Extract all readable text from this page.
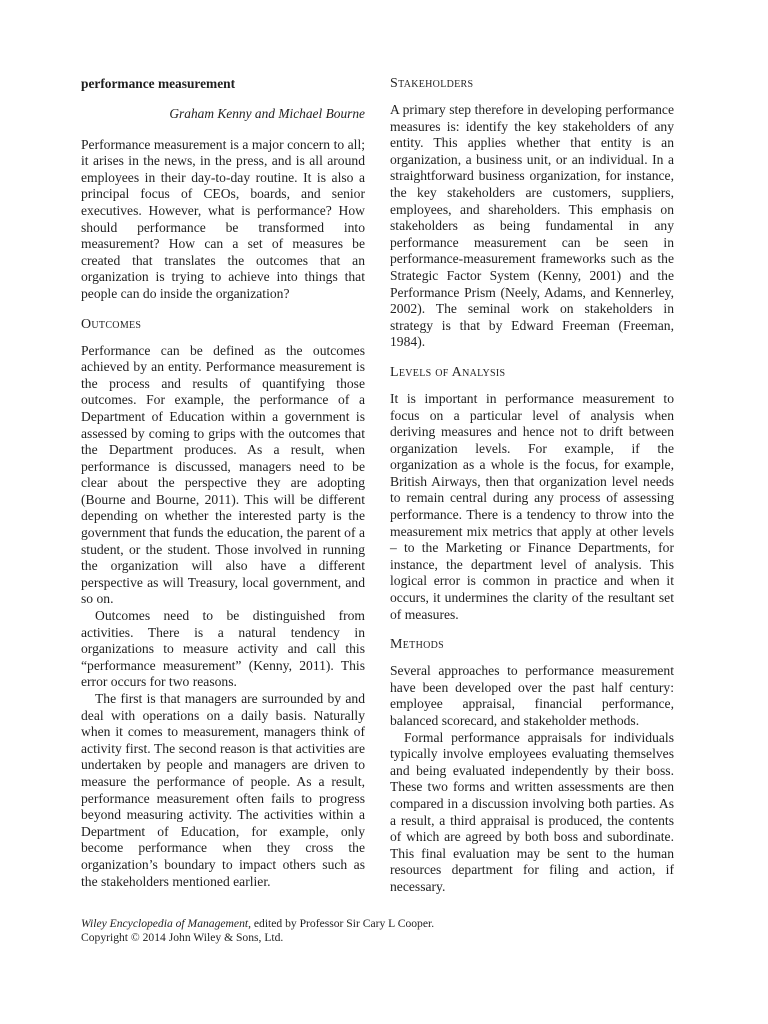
performance measurement
Graham Kenny and Michael Bourne

Performance measurement is a major concern to all; it arises in the news, in the press, and is all around employees in their day-to-day routine. It is also a principal focus of CEOs, boards, and senior executives. However, what is performance? How should performance be transformed into measurement? How can a set of measures be created that translates the outcomes that an organization is trying to achieve into things that people can do inside the organization?

Outcomes

Performance can be defined as the outcomes achieved by an entity. Performance measurement is the process and results of quantifying those outcomes. For example, the performance of a Department of Education within a government is assessed by coming to grips with the outcomes that the Department produces. As a result, when performance is discussed, managers need to be clear about the perspective they are adopting (Bourne and Bourne, 2011). This will be different depending on whether the interested party is the government that funds the education, the parent of a student, or the student. Those involved in running the organization will also have a different perspective as will Treasury, local government, and so on.

Outcomes need to be distinguished from activities. There is a natural tendency in organizations to measure activity and call this “performance measurement” (Kenny, 2011). This error occurs for two reasons.

The first is that managers are surrounded by and deal with operations on a daily basis. Naturally when it comes to measurement, managers think of activity first. The second reason is that activities are undertaken by people and managers are driven to measure the performance of people. As a result, performance measurement often fails to progress beyond measuring activity. The activities within a Department of Education, for example, only become performance when they cross the organization’s boundary to impact others such as the stakeholders mentioned earlier.

Stakeholders

A primary step therefore in developing performance measures is: identify the key stakeholders of any entity. This applies whether that entity is an organization, a business unit, or an individual. In a straightforward business organization, for instance, the key stakeholders are customers, suppliers, employees, and shareholders. This emphasis on stakeholders as being fundamental in any performance measurement can be seen in performance-measurement frameworks such as the Strategic Factor System (Kenny, 2001) and the Performance Prism (Neely, Adams, and Kennerley, 2002). The seminal work on stakeholders in strategy is that by Edward Freeman (Freeman, 1984).

Levels of Analysis

It is important in performance measurement to focus on a particular level of analysis when deriving measures and hence not to drift between organization levels. For example, if the organization as a whole is the focus, for example, British Airways, then that organization level needs to remain central during any process of assessing performance. There is a tendency to throw into the measurement mix metrics that apply at other levels – to the Marketing or Finance Departments, for instance, the department level of analysis. This logical error is common in practice and when it occurs, it undermines the clarity of the resultant set of measures.

Methods

Several approaches to performance measurement have been developed over the past half century: employee appraisal, financial performance, balanced scorecard, and stakeholder methods.

Formal performance appraisals for individuals typically involve employees evaluating themselves and being evaluated independently by their boss. These two forms and written assessments are then compared in a discussion involving both parties. As a result, a third appraisal is produced, the contents of which are agreed by both boss and subordinate. This final evaluation may be sent to the human resources department for filing and action, if necessary.

Wiley Encyclopedia of Management, edited by Professor Sir Cary L Cooper.
Copyright © 2014 John Wiley & Sons, Ltd.
